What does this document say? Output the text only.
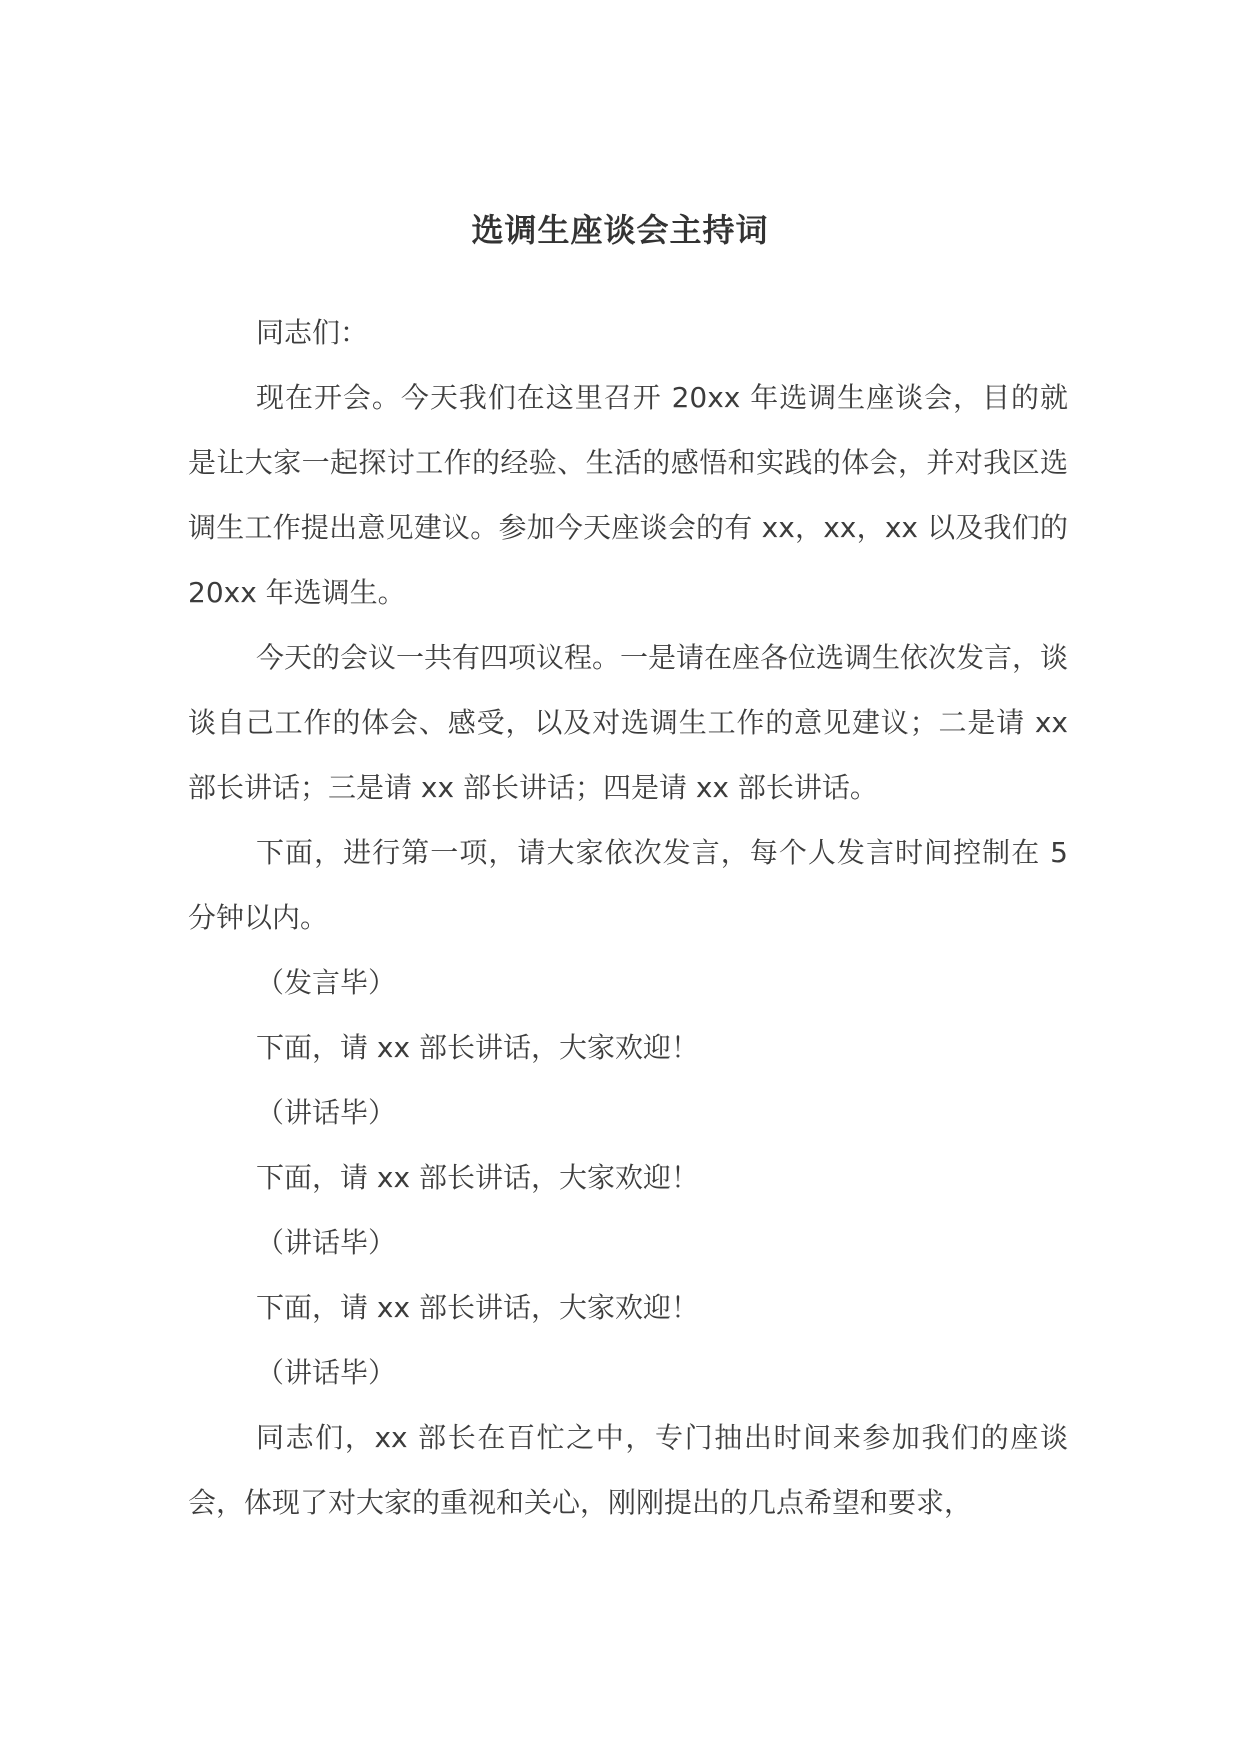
选调生座谈会主持词

同志们：

现在开会。今天我们在这里召开 20xx 年选调生座谈会，目的就是让大家一起探讨工作的经验、生活的感悟和实践的体会，并对我区选调生工作提出意见建议。参加今天座谈会的有 xx，xx，xx 以及我们的 20xx 年选调生。

今天的会议一共有四项议程。一是请在座各位选调生依次发言，谈谈自己工作的体会、感受，以及对选调生工作的意见建议；二是请 xx 部长讲话；三是请 xx 部长讲话；四是请 xx 部长讲话。

下面，进行第一项，请大家依次发言，每个人发言时间控制在 5 分钟以内。

（发言毕）

下面，请 xx 部长讲话，大家欢迎！

（讲话毕）

下面，请 xx 部长讲话，大家欢迎！

（讲话毕）

下面，请 xx 部长讲话，大家欢迎！

（讲话毕）

同志们，xx 部长在百忙之中，专门抽出时间来参加我们的座谈会，体现了对大家的重视和关心，刚刚提出的几点希望和要求，
